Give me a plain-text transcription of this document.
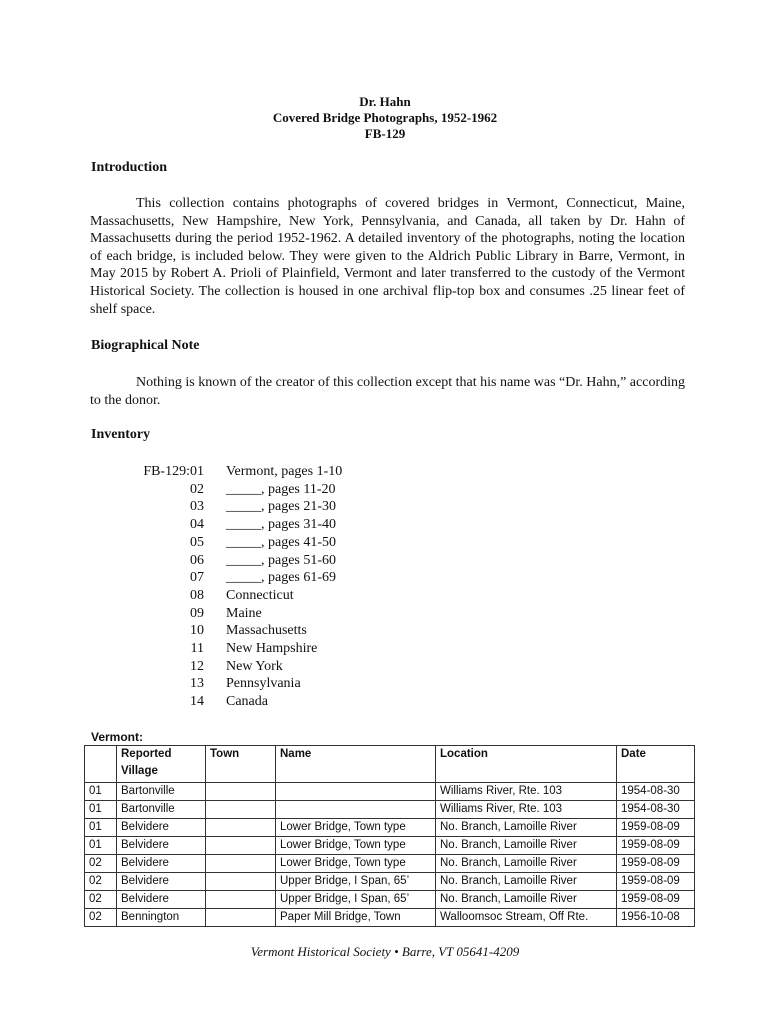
Dr. Hahn
Covered Bridge Photographs, 1952-1962
FB-129
Introduction

This collection contains photographs of covered bridges in Vermont, Connecticut, Maine, Massachusetts, New Hampshire, New York, Pennsylvania, and Canada, all taken by Dr. Hahn of Massachusetts during the period 1952-1962. A detailed inventory of the photographs, noting the location of each bridge, is included below. They were given to the Aldrich Public Library in Barre, Vermont, in May 2015 by Robert A. Prioli of Plainfield, Vermont and later transferred to the custody of the Vermont Historical Society. The collection is housed in one archival flip-top box and consumes .25 linear feet of shelf space.

Biographical Note

Nothing is known of the creator of this collection except that his name was “Dr. Hahn,” according to the donor.

Inventory
FB-129:01 Vermont, pages 1-10
02 _____, pages 11-20
03 _____, pages 21-30
04 _____, pages 31-40
05 _____, pages 41-50
06 _____, pages 51-60
07 _____, pages 61-69
08 Connecticut
09 Maine
10 Massachusetts
11 New Hampshire
12 New York
13 Pennsylvania
14 Canada
Vermont:
	Reported Village	Town	Name	Location	Date
01	Bartonville			Williams River, Rte. 103	1954-08-30
01	Bartonville			Williams River, Rte. 103	1954-08-30
01	Belvidere		Lower Bridge, Town type	No. Branch, Lamoille River	1959-08-09
01	Belvidere		Lower Bridge, Town type	No. Branch, Lamoille River	1959-08-09
02	Belvidere		Lower Bridge, Town type	No. Branch, Lamoille River	1959-08-09
02	Belvidere		Upper Bridge, I Span, 65’	No. Branch, Lamoille River	1959-08-09
02	Belvidere		Upper Bridge, I Span, 65’	No. Branch, Lamoille River	1959-08-09
02	Bennington		Paper Mill Bridge, Town	Walloomsoc Stream, Off Rte.	1956-10-08
Vermont Historical Society • Barre, VT 05641-4209
